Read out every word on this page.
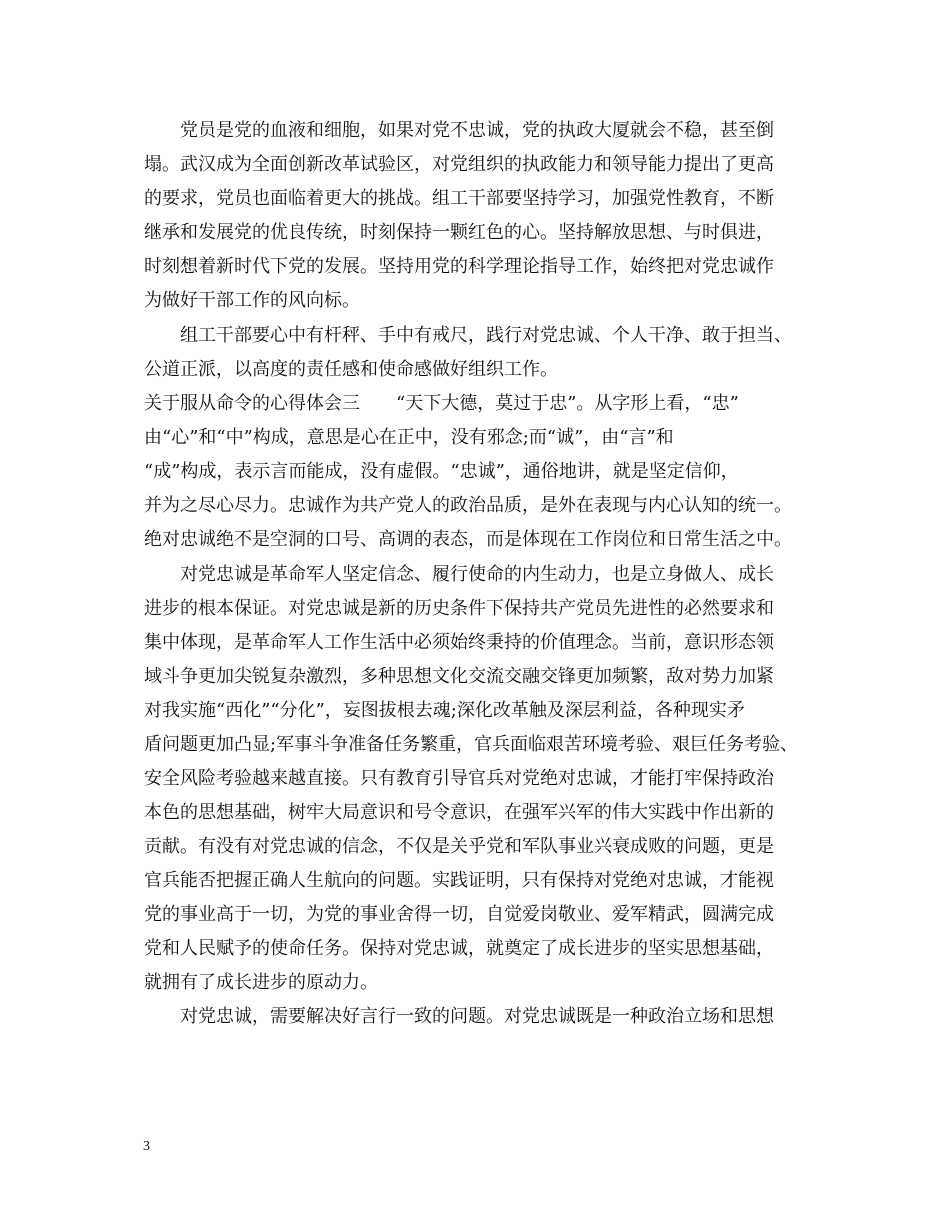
党员是党的血液和细胞，如果对党不忠诚，党的执政大厦就会不稳，甚至倒
塌。武汉成为全面创新改革试验区，对党组织的执政能力和领导能力提出了更高
的要求，党员也面临着更大的挑战。组工干部要坚持学习，加强党性教育，不断
继承和发展党的优良传统，时刻保持一颗红色的心。坚持解放思想、与时俱进，
时刻想着新时代下党的发展。坚持用党的科学理论指导工作，始终把对党忠诚作
为做好干部工作的风向标。
组工干部要心中有杆秤、手中有戒尺，践行对党忠诚、个人干净、敢于担当、
公道正派，以高度的责任感和使命感做好组织工作。
关于服从命令的心得体会三　　“天下大德，莫过于忠”。从字形上看，“忠”
由“心”和“中”构成，意思是心在正中，没有邪念;而“诚”，由“言”和
“成”构成，表示言而能成，没有虚假。“忠诚”，通俗地讲，就是坚定信仰，
并为之尽心尽力。忠诚作为共产党人的政治品质，是外在表现与内心认知的统一。
绝对忠诚绝不是空洞的口号、高调的表态，而是体现在工作岗位和日常生活之中。
对党忠诚是革命军人坚定信念、履行使命的内生动力，也是立身做人、成长
进步的根本保证。对党忠诚是新的历史条件下保持共产党员先进性的必然要求和
集中体现，是革命军人工作生活中必须始终秉持的价值理念。当前，意识形态领
域斗争更加尖锐复杂激烈，多种思想文化交流交融交锋更加频繁，敌对势力加紧
对我实施“西化”“分化”，妄图拔根去魂;深化改革触及深层利益，各种现实矛
盾问题更加凸显;军事斗争准备任务繁重，官兵面临艰苦环境考验、艰巨任务考验、
安全风险考验越来越直接。只有教育引导官兵对党绝对忠诚，才能打牢保持政治
本色的思想基础，树牢大局意识和号令意识，在强军兴军的伟大实践中作出新的
贡献。有没有对党忠诚的信念，不仅是关乎党和军队事业兴衰成败的问题，更是
官兵能否把握正确人生航向的问题。实践证明，只有保持对党绝对忠诚，才能视
党的事业高于一切，为党的事业舍得一切，自觉爱岗敬业、爱军精武，圆满完成
党和人民赋予的使命任务。保持对党忠诚，就奠定了成长进步的坚实思想基础，
就拥有了成长进步的原动力。
对党忠诚，需要解决好言行一致的问题。对党忠诚既是一种政治立场和思想
3
